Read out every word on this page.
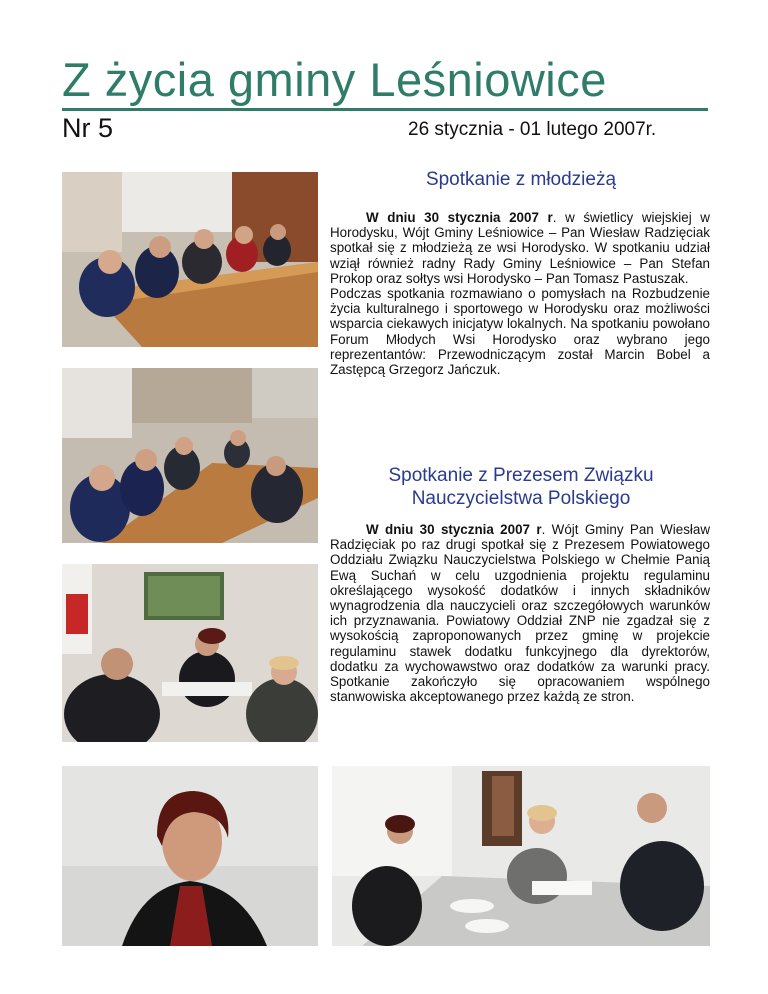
Z życia gminy Leśniowice
Nr 5	26 stycznia - 01 lutego 2007r.
Spotkanie z młodzieżą

W dniu 30 stycznia 2007 r. w świetlicy wiejskiej w Horodysku, Wójt Gminy Leśniowice – Pan Wiesław Radzięciak spotkał się z młodzieżą ze wsi Horodysko. W spotkaniu udział wziął również radny Rady Gminy Leśniowice – Pan Stefan Prokop oraz sołtys wsi Horodysko – Pan Tomasz Pastuszak.

Podczas spotkania rozmawiano o pomysłach na Rozbudzenie życia kulturalnego i sportowego w Horodysku oraz możliwości wsparcia ciekawych inicjatyw lokalnych. Na spotkaniu powołano Forum Młodych Wsi Horodysko oraz wybrano jego reprezentantów: Przewodniczącym został Marcin Bobel a Zastępcą Grzegorz Jańczuk.

Spotkanie z Prezesem Związku
Nauczycielstwa Polskiego

W dniu 30 stycznia 2007 r. Wójt Gminy Pan Wiesław Radzięciak po raz drugi spotkał się z Prezesem Powiatowego Oddziału Związku Nauczycielstwa Polskiego w Chełmie Panią Ewą Suchań w celu uzgodnienia projektu regulaminu określającego wysokość dodatków i innych składników wynagrodzenia dla nauczycieli oraz szczegółowych warunków ich przyznawania. Powiatowy Oddział ZNP nie zgadzał się z wysokością zaproponowanych przez gminę w projekcie regulaminu stawek dodatku funkcyjnego dla dyrektorów, dodatku za wychowawstwo oraz dodatków za warunki pracy. Spotkanie zakończyło się opracowaniem wspólnego stanwowiska akceptowanego przez każdą ze stron.
